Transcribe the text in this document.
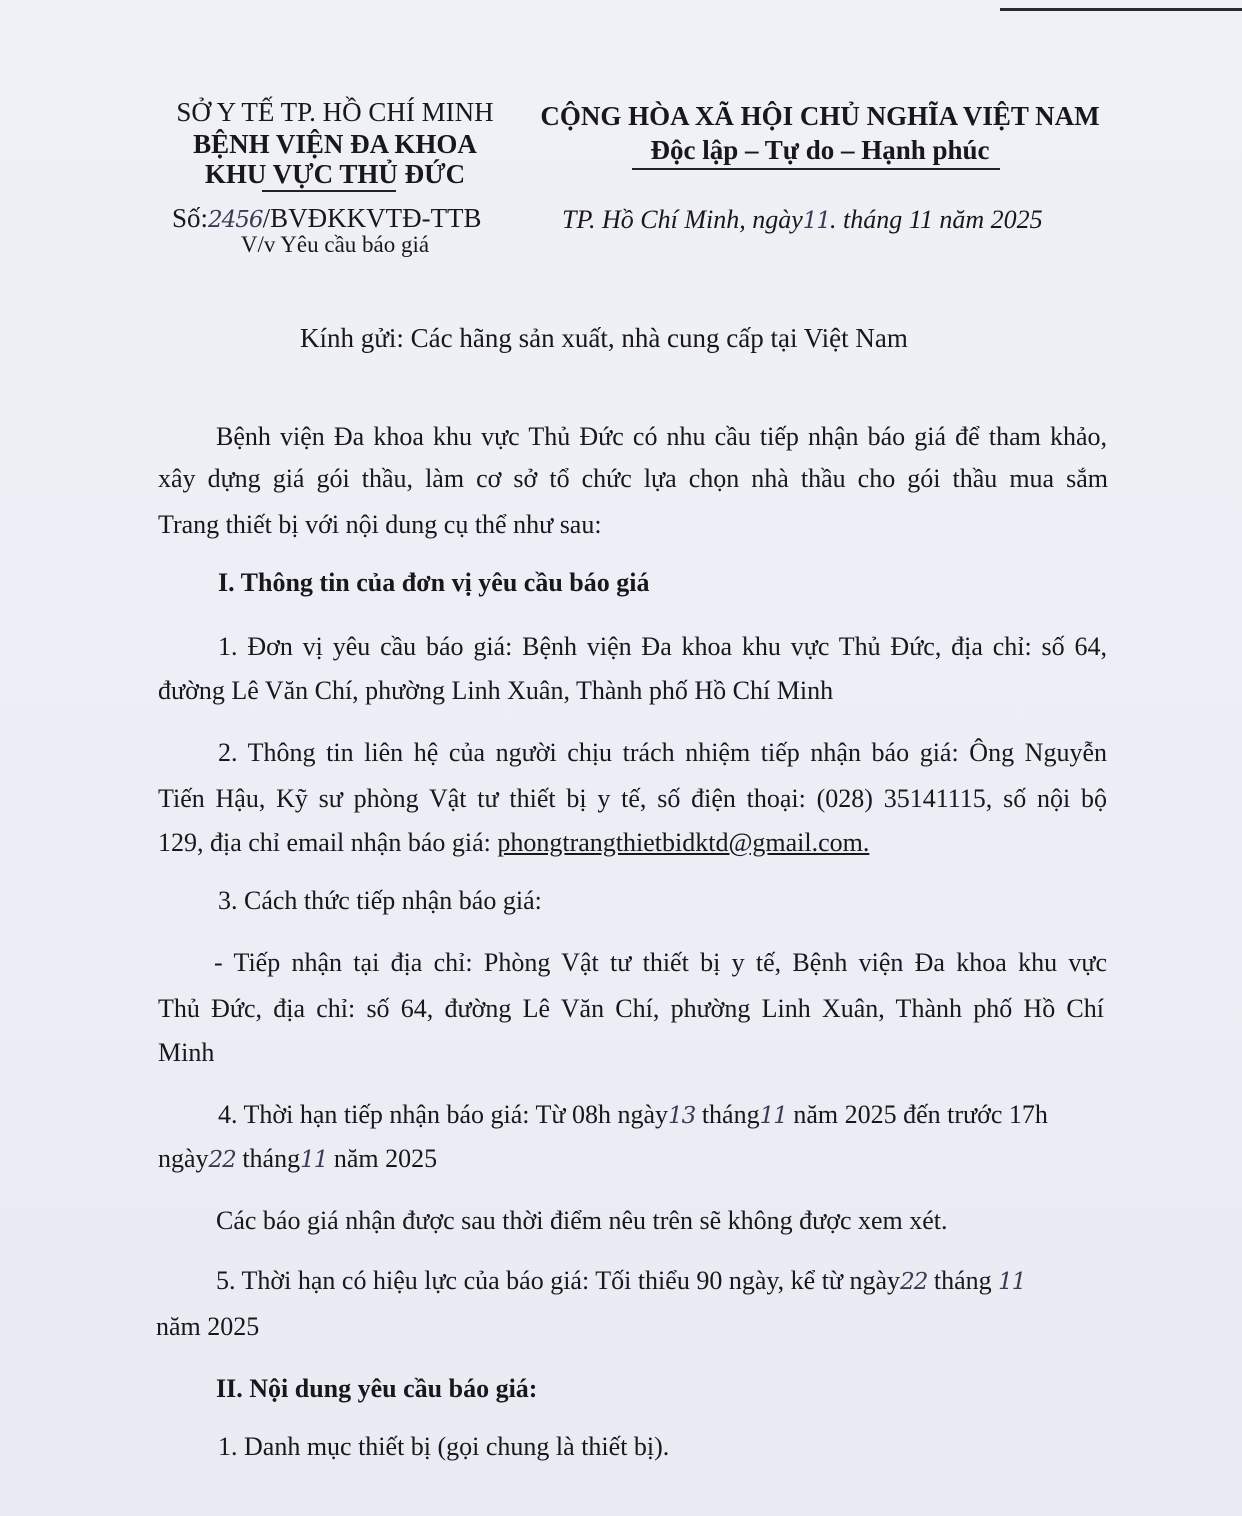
SỞ Y TẾ TP. HỒ CHÍ MINH
BỆNH VIỆN ĐA KHOA
KHU VỰC THỦ ĐỨC
Số:2456/BVĐKKVTĐ-TTB
V/v Yêu cầu báo giá
CỘNG HÒA XÃ HỘI CHỦ NGHĨA VIỆT NAM
Độc lập – Tự do – Hạnh phúc
TP. Hồ Chí Minh, ngày11. tháng 11 năm 2025
Kính gửi: Các hãng sản xuất, nhà cung cấp tại Việt Nam
Bệnh viện Đa khoa khu vực Thủ Đức có nhu cầu tiếp nhận báo giá để tham khảo,
xây dựng giá gói thầu, làm cơ sở tổ chức lựa chọn nhà thầu cho gói thầu mua sắm
Trang thiết bị với nội dung cụ thể như sau:
I. Thông tin của đơn vị yêu cầu báo giá
1. Đơn vị yêu cầu báo giá: Bệnh viện Đa khoa khu vực Thủ Đức, địa chỉ: số 64,
đường Lê Văn Chí, phường Linh Xuân, Thành phố Hồ Chí Minh
2. Thông tin liên hệ của người chịu trách nhiệm tiếp nhận báo giá: Ông Nguyễn
Tiến Hậu, Kỹ sư phòng Vật tư thiết bị y tế, số điện thoại: (028) 35141115, số nội bộ
129, địa chỉ email nhận báo giá: phongtrangthietbidktd@gmail.com.
3. Cách thức tiếp nhận báo giá:
- Tiếp nhận tại địa chỉ: Phòng Vật tư thiết bị y tế, Bệnh viện Đa khoa khu vực
Thủ Đức, địa chỉ: số 64, đường Lê Văn Chí, phường Linh Xuân, Thành phố Hồ Chí
Minh
4. Thời hạn tiếp nhận báo giá: Từ 08h ngày13 tháng11 năm 2025 đến trước 17h
ngày22 tháng11 năm 2025
Các báo giá nhận được sau thời điểm nêu trên sẽ không được xem xét.
5. Thời hạn có hiệu lực của báo giá: Tối thiểu 90 ngày, kể từ ngày22 tháng 11
năm 2025
II. Nội dung yêu cầu báo giá:
1. Danh mục thiết bị (gọi chung là thiết bị).
